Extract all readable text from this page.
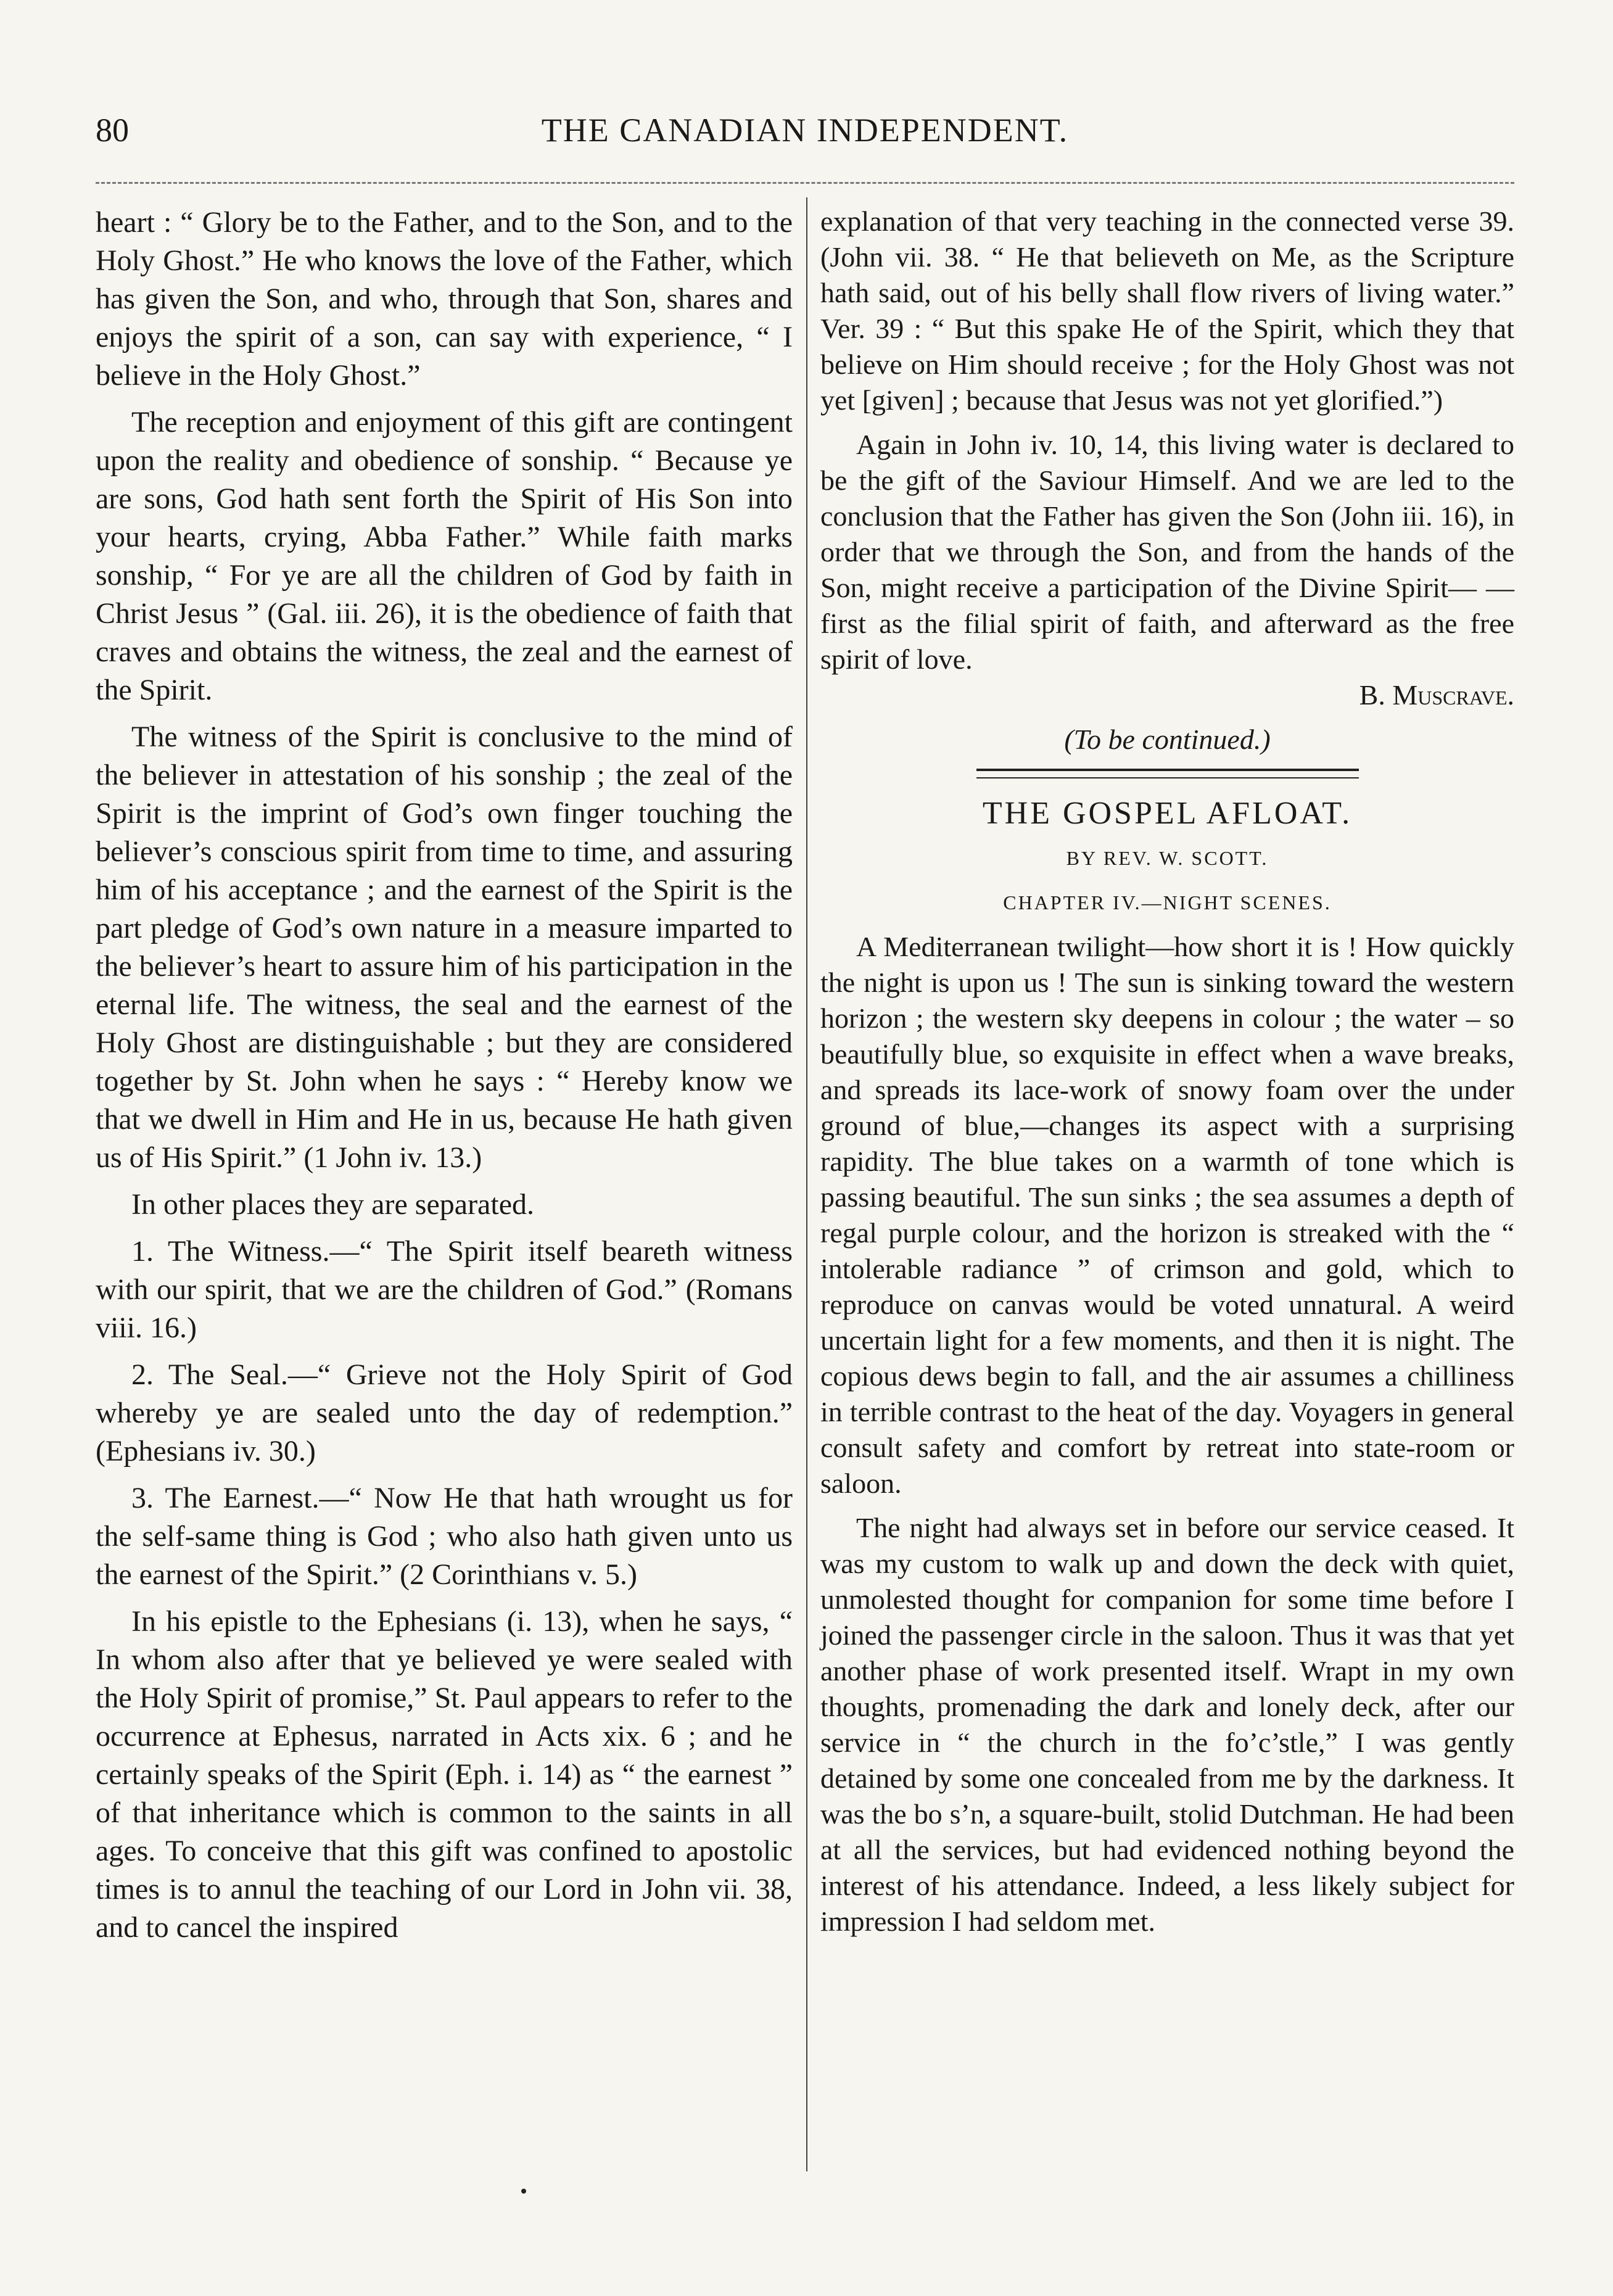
80	THE CANADIAN INDEPENDENT.

heart : “ Glory be to the Father, and to the Son, and to the Holy Ghost.” He who knows the love of the Father, which has given the Son, and who, through that Son, shares and enjoys the spirit of a son, can say with experience, “ I believe in the Holy Ghost.”

The reception and enjoyment of this gift are contingent upon the reality and obedience of sonship. “ Because ye are sons, God hath sent forth the Spirit of His Son into your hearts, crying, Abba Father.” While faith marks sonship, “ For ye are all the children of God by faith in Christ Jesus ” (Gal. iii. 26), it is the obedience of faith that craves and obtains the witness, the zeal and the earnest of the Spirit.

The witness of the Spirit is conclusive to the mind of the believer in attestation of his sonship ; the zeal of the Spirit is the imprint of God’s own finger touching the believer’s conscious spirit from time to time, and assuring him of his acceptance ; and the earnest of the Spirit is the part pledge of God’s own nature in a measure imparted to the believer’s heart to assure him of his participation in the eternal life. The witness, the seal and the earnest of the Holy Ghost are distinguishable ; but they are considered together by St. John when he says : “ Hereby know we that we dwell in Him and He in us, because He hath given us of His Spirit.” (1 John iv. 13.)

In other places they are separated.

1. The Witness.—“ The Spirit itself beareth witness with our spirit, that we are the children of God.” (Romans viii. 16.)

2. The Seal.—“ Grieve not the Holy Spirit of God whereby ye are sealed unto the day of redemption.” (Ephesians iv. 30.)

3. The Earnest.—“ Now He that hath wrought us for the self-same thing is God ; who also hath given unto us the earnest of the Spirit.” (2 Corinthians v. 5.)

In his epistle to the Ephesians (i. 13), when he says, “ In whom also after that ye believed ye were sealed with the Holy Spirit of promise,” St. Paul appears to refer to the occurrence at Ephesus, narrated in Acts xix. 6 ; and he certainly speaks of the Spirit (Eph. i. 14) as “ the earnest ” of that inheritance which is common to the saints in all ages. To conceive that this gift was confined to apostolic times is to annul the teaching of our Lord in John vii. 38, and to cancel the inspired

explanation of that very teaching in the connected verse 39. (John vii. 38. “ He that believeth on Me, as the Scripture hath said, out of his belly shall flow rivers of living water.” Ver. 39 : “ But this spake He of the Spirit, which they that believe on Him should receive ; for the Holy Ghost was not yet [given] ; because that Jesus was not yet glorified.”)

Again in John iv. 10, 14, this living water is declared to be the gift of the Saviour Himself. And we are led to the conclusion that the Father has given the Son (John iii. 16), in order that we through the Son, and from the hands of the Son, might receive a participation of the Divine Spirit— —first as the filial spirit of faith, and afterward as the free spirit of love.

B. Muscrave.

(To be continued.)

THE GOSPEL AFLOAT.

BY REV. W. SCOTT.

CHAPTER IV.—NIGHT SCENES.

A Mediterranean twilight—how short it is ! How quickly the night is upon us ! The sun is sinking toward the western horizon ; the western sky deepens in colour ; the water – so beautifully blue, so exquisite in effect when a wave breaks, and spreads its lace-work of snowy foam over the under ground of blue,—changes its aspect with a surprising rapidity. The blue takes on a warmth of tone which is passing beautiful. The sun sinks ; the sea assumes a depth of regal purple colour, and the horizon is streaked with the “ intolerable radiance ” of crimson and gold, which to reproduce on canvas would be voted unnatural. A weird uncertain light for a few moments, and then it is night. The copious dews begin to fall, and the air assumes a chilliness in terrible contrast to the heat of the day. Voyagers in general consult safety and comfort by retreat into state-room or saloon.

The night had always set in before our service ceased. It was my custom to walk up and down the deck with quiet, unmolested thought for companion for some time before I joined the passenger circle in the saloon. Thus it was that yet another phase of work presented itself. Wrapt in my own thoughts, promenading the dark and lonely deck, after our service in “ the church in the fo’c’stle,” I was gently detained by some one concealed from me by the darkness. It was the bo s’n, a square-built, stolid Dutchman. He had been at all the services, but had evidenced nothing beyond the interest of his attendance. Indeed, a less likely subject for impression I had seldom met.
